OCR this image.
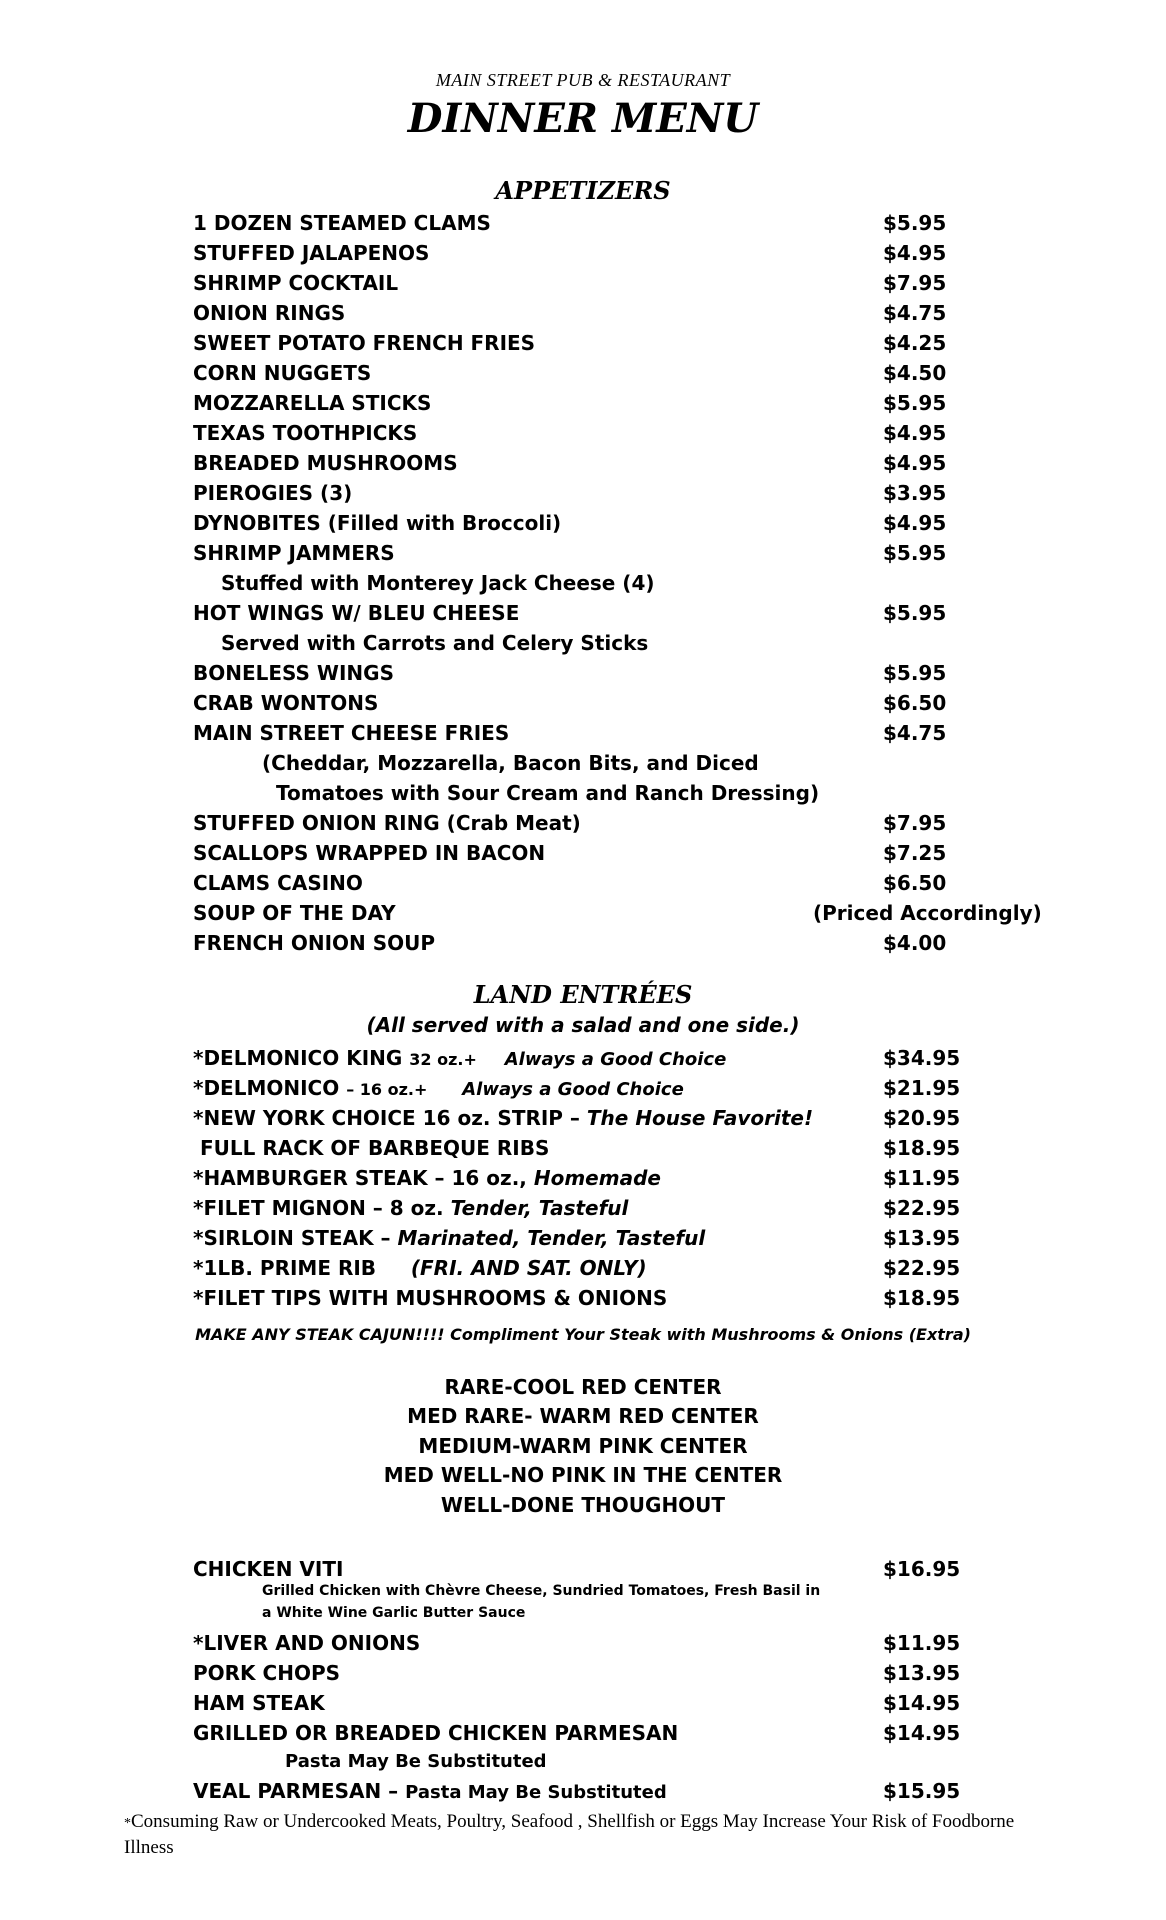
MAIN STREET PUB & RESTAURANT
DINNER MENU
APPETIZERS
1 DOZEN STEAMED CLAMS	$5.95
STUFFED JALAPENOS	$4.95
SHRIMP COCKTAIL	$7.95
ONION RINGS	$4.75
SWEET POTATO FRENCH FRIES	$4.25
CORN NUGGETS	$4.50
MOZZARELLA STICKS	$5.95
TEXAS TOOTHPICKS	$4.95
BREADED MUSHROOMS	$4.95
PIEROGIES (3)	$3.95
DYNOBITES (Filled with Broccoli)	$4.95
SHRIMP JAMMERS	$5.95
Stuffed with Monterey Jack Cheese (4)
HOT WINGS W/ BLEU CHEESE	$5.95
Served with Carrots and Celery Sticks
BONELESS WINGS	$5.95
CRAB WONTONS	$6.50
MAIN STREET CHEESE FRIES	$4.75
(Cheddar, Mozzarella, Bacon Bits, and Diced
Tomatoes with Sour Cream and Ranch Dressing)
STUFFED ONION RING (Crab Meat)	$7.95
SCALLOPS WRAPPED IN BACON	$7.25
CLAMS CASINO	$6.50
SOUP OF THE DAY	(Priced Accordingly)
FRENCH ONION SOUP	$4.00
LAND ENTRÉES
(All served with a salad and one side.)
*DELMONICO KING 32 oz.+ Always a Good Choice	$34.95
*DELMONICO – 16 oz.+ Always a Good Choice	$21.95
*NEW YORK CHOICE 16 oz. STRIP – The House Favorite!	$20.95
FULL RACK OF BARBEQUE RIBS	$18.95
*HAMBURGER STEAK – 16 oz., Homemade	$11.95
*FILET MIGNON – 8 oz. Tender, Tasteful	$22.95
*SIRLOIN STEAK – Marinated, Tender, Tasteful	$13.95
*1LB. PRIME RIB (FRI. AND SAT. ONLY)	$22.95
*FILET TIPS WITH MUSHROOMS & ONIONS	$18.95
MAKE ANY STEAK CAJUN!!!! Compliment Your Steak with Mushrooms & Onions (Extra)
RARE-COOL RED CENTER
MED RARE- WARM RED CENTER
MEDIUM-WARM PINK CENTER
MED WELL-NO PINK IN THE CENTER
WELL-DONE THOUGHOUT
CHICKEN VITI	$16.95
Grilled Chicken with Chèvre Cheese, Sundried Tomatoes, Fresh Basil in
a White Wine Garlic Butter Sauce
*LIVER AND ONIONS	$11.95
PORK CHOPS	$13.95
HAM STEAK	$14.95
GRILLED OR BREADED CHICKEN PARMESAN	$14.95
Pasta May Be Substituted
VEAL PARMESAN – Pasta May Be Substituted	$15.95
*Consuming Raw or Undercooked Meats, Poultry, Seafood , Shellfish or Eggs May Increase Your Risk of Foodborne Illness
